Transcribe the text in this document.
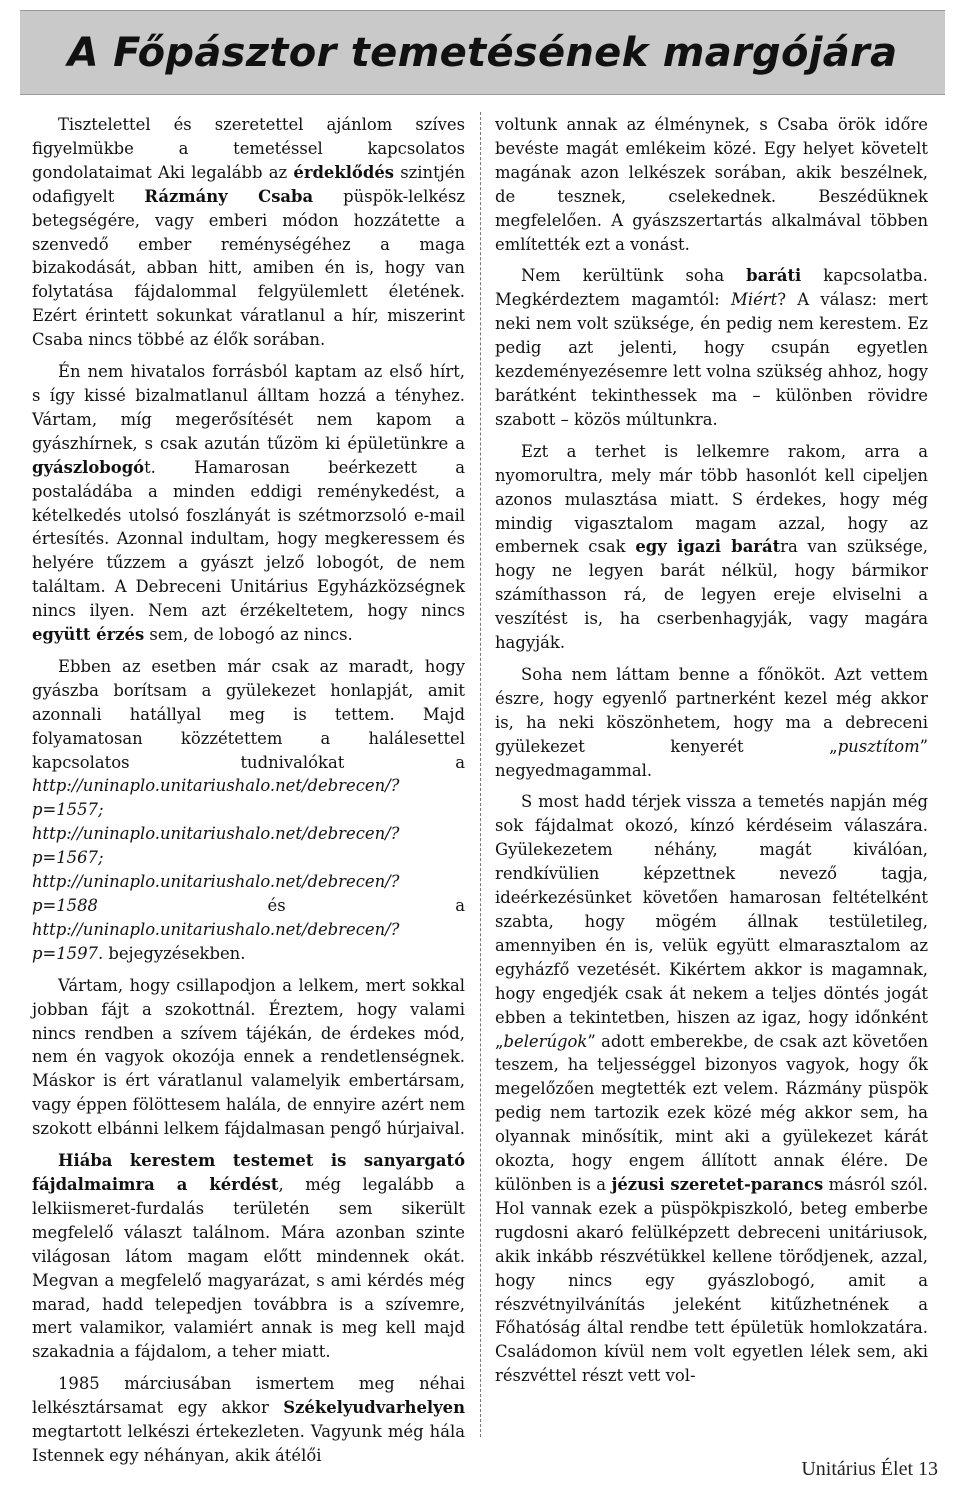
A Főpásztor temetésének margójára

Tisztelettel és szeretettel ajánlom szíves figyelmükbe a temetéssel kapcsolatos gondolataimat Aki legalább az érdeklődés szintjén odafigyelt Rázmány Csaba püspök-lelkész betegségére, vagy emberi módon hozzátette a szenvedő ember reménységéhez a maga bizakodását, abban hitt, amiben én is, hogy van folytatása fájdalommal felgyülemlett életének. Ezért érintett sokunkat váratlanul a hír, miszerint Csaba nincs többé az élők sorában.

Én nem hivatalos forrásból kaptam az első hírt, s így kissé bizalmatlanul álltam hozzá a tényhez. Vártam, míg megerősítését nem kapom a gyászhírnek, s csak azután tűzöm ki épületünkre a gyászlobogót. Hamarosan beérkezett a postaládába a minden eddigi reménykedést, a kételkedés utolsó foszlányát is szétmorzsoló e-mail értesítés. Azonnal indultam, hogy megkeressem és helyére tűzzem a gyászt jelző lobogót, de nem találtam. A Debreceni Unitárius Egyházközségnek nincs ilyen. Nem azt érzékeltetem, hogy nincs együtt érzés sem, de lobogó az nincs.

Ebben az esetben már csak az maradt, hogy gyászba borítsam a gyülekezet honlapját, amit azonnali hatállyal meg is tettem. Majd folyamatosan közzétettem a halálesettel kapcsolatos tudnivalókat a http://uninaplo.unitariushalo.net/debrecen/?p=1557; http://uninaplo.unitariushalo.net/debrecen/?p=1567; http://uninaplo.unitariushalo.net/debrecen/?p=1588 és a http://uninaplo.unitariushalo.net/debrecen/?p=1597. bejegyzésekben.

Vártam, hogy csillapodjon a lelkem, mert sokkal jobban fájt a szokottnál. Éreztem, hogy valami nincs rendben a szívem tájékán, de érdekes mód, nem én vagyok okozója ennek a rendetlenségnek. Máskor is ért váratlanul valamelyik embertársam, vagy éppen fölöttesem halála, de ennyire azért nem szokott elbánni lelkem fájdalmasan pengő húrjaival.

Hiába kerestem testemet is sanyargató fájdalmaimra a kérdést, még legalább a lelkiismeret-furdalás területén sem sikerült megfelelő választ találnom. Mára azonban szinte világosan látom magam előtt mindennek okát. Megvan a megfelelő magyarázat, s ami kérdés még marad, hadd telepedjen továbbra is a szívemre, mert valamikor, valamiért annak is meg kell majd szakadnia a fájdalom, a teher miatt.

1985 márciusában ismertem meg néhai lelkésztársamat egy akkor Székelyudvarhelyen megtartott lelkészi értekezleten. Vagyunk még hála Istennek egy néhányan, akik átélői

voltunk annak az élménynek, s Csaba örök időre bevéste magát emlékeim közé. Egy helyet követelt magának azon lelkészek sorában, akik beszélnek, de tesznek, cselekednek. Beszédüknek megfelelően. A gyászszertartás alkalmával többen említették ezt a vonást.

Nem kerültünk soha baráti kapcsolatba. Megkérdeztem magamtól: Miért? A válasz: mert neki nem volt szüksége, én pedig nem kerestem. Ez pedig azt jelenti, hogy csupán egyetlen kezdeményezésemre lett volna szükség ahhoz, hogy barátként tekinthessek ma – különben rövidre szabott – közös múltunkra.

Ezt a terhet is lelkemre rakom, arra a nyomorultra, mely már több hasonlót kell cipeljen azonos mulasztása miatt. S érdekes, hogy még mindig vigasztalom magam azzal, hogy az embernek csak egy igazi barátra van szüksége, hogy ne legyen barát nélkül, hogy bármikor számíthasson rá, de legyen ereje elviselni a veszítést is, ha cserbenhagyják, vagy magára hagyják.

Soha nem láttam benne a főnököt. Azt vettem észre, hogy egyenlő partnerként kezel még akkor is, ha neki köszönhetem, hogy ma a debreceni gyülekezet kenyerét „pusztítom” negyedmagammal.

S most hadd térjek vissza a temetés napján még sok fájdalmat okozó, kínzó kérdéseim válaszára. Gyülekezetem néhány, magát kiválóan, rendkívülien képzettnek nevező tagja, ideérkezésünket követően hamarosan feltételként szabta, hogy mögém állnak testületileg, amennyiben én is, velük együtt elmarasztalom az egyházfő vezetését. Kikértem akkor is magamnak, hogy engedjék csak át nekem a teljes döntés jogát ebben a tekintetben, hiszen az igaz, hogy időnként „belerúgok” adott emberekbe, de csak azt követően teszem, ha teljességgel bizonyos vagyok, hogy ők megelőzően megtették ezt velem. Rázmány püspök pedig nem tartozik ezek közé még akkor sem, ha olyannak minősítik, mint aki a gyülekezet kárát okozta, hogy engem állított annak élére. De különben is a jézusi szeretet-parancs másról szól. Hol vannak ezek a püspökpiszkoló, beteg emberbe rugdosni akaró felülképzett debreceni unitáriusok, akik inkább részvétükkel kellene törődjenek, azzal, hogy nincs egy gyászlobogó, amit a részvétnyilvánítás jeleként kitűzhetnének a Főhatóság által rendbe tett épületük homlokzatára. Családomon kívül nem volt egyetlen lélek sem, aki részvéttel részt vett vol-

Unitárius Élet 13
